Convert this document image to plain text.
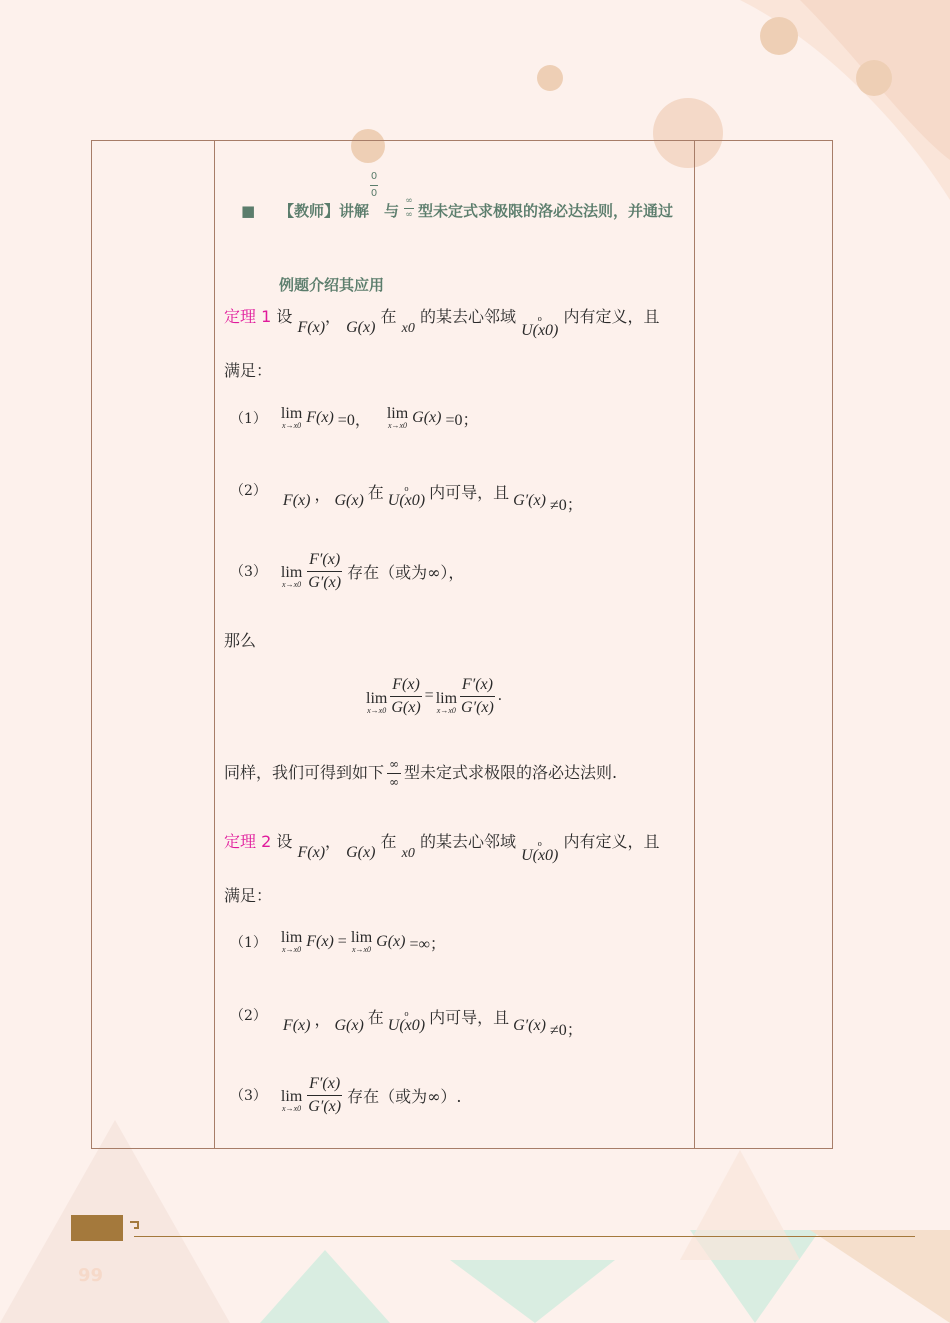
■ 【教师】讲解
0
0
与
∞
∞ 型未定式求极限的洛必达法则，并通过
例题介绍其应用
定理 1 设 F(x)， G(x) 在 x0 的某去心邻域	o
U(x0)
内有定义，且
满足：
（1） lim
x→x0 F(x) =0， lim
x→x0 G(x) =0；
（2）
F(x) ， G(x) 在	o
U(x0) 内可导，且 G′(x) ≠0；
（3） lim
$x\to x0 \frac{F'(x)}{G'(x)}$ 存在（或为∞），
那么
lim
$x\to x0 \frac{F(x)}{G(x)} = \lim$
$x\to x0 \frac{F'(x)}{G'(x)}$ .
同样，我们可得到如下 $\frac{\infty}{\infty}$ 型未定式求极限的洛必达法则.
定理 2 设 F(x)， G(x) 在 x0 的某去心邻域	o
U(x0)
内有定义，且
满足：
（1） lim
x→x0 F(x) = lim
x→x0 G(x) =∞；
（2）
F(x) ， G(x) 在	o
U(x0) 内可导，且 G′(x) ≠0；
（3） lim
$x\to x0 \frac{F'(x)}{G'(x)}$ 存在（或为∞）.
99
